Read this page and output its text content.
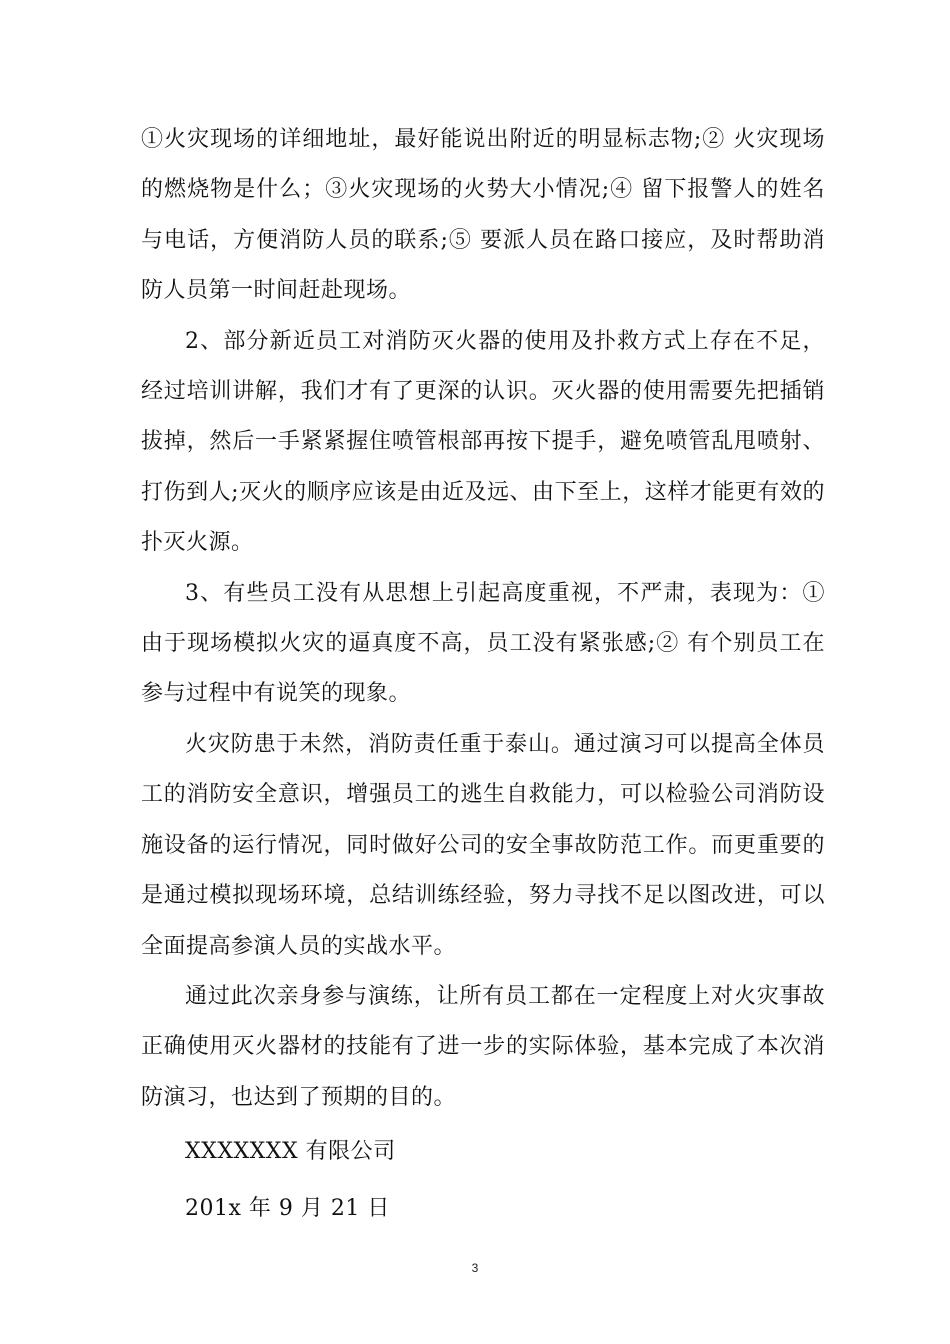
①火灾现场的详细地址，最好能说出附近的明显标志物;② 火灾现场的燃烧物是什么；③火灾现场的火势大小情况;④ 留下报警人的姓名与电话，方便消防人员的联系;⑤ 要派人员在路口接应，及时帮助消防人员第一时间赶赴现场。

2、部分新近员工对消防灭火器的使用及扑救方式上存在不足，经过培训讲解，我们才有了更深的认识。灭火器的使用需要先把插销拔掉，然后一手紧紧握住喷管根部再按下提手，避免喷管乱甩喷射、打伤到人;灭火的顺序应该是由近及远、由下至上，这样才能更有效的扑灭火源。

3、有些员工没有从思想上引起高度重视，不严肃，表现为：①由于现场模拟火灾的逼真度不高，员工没有紧张感;② 有个别员工在参与过程中有说笑的现象。

火灾防患于未然，消防责任重于泰山。通过演习可以提高全体员工的消防安全意识，增强员工的逃生自救能力，可以检验公司消防设施设备的运行情况，同时做好公司的安全事故防范工作。而更重要的是通过模拟现场环境，总结训练经验，努力寻找不足以图改进，可以全面提高参演人员的实战水平。

通过此次亲身参与演练，让所有员工都在一定程度上对火灾事故正确使用灭火器材的技能有了进一步的实际体验，基本完成了本次消防演习，也达到了预期的目的。

XXXXXXX 有限公司

201x 年 9 月 21 日

3
